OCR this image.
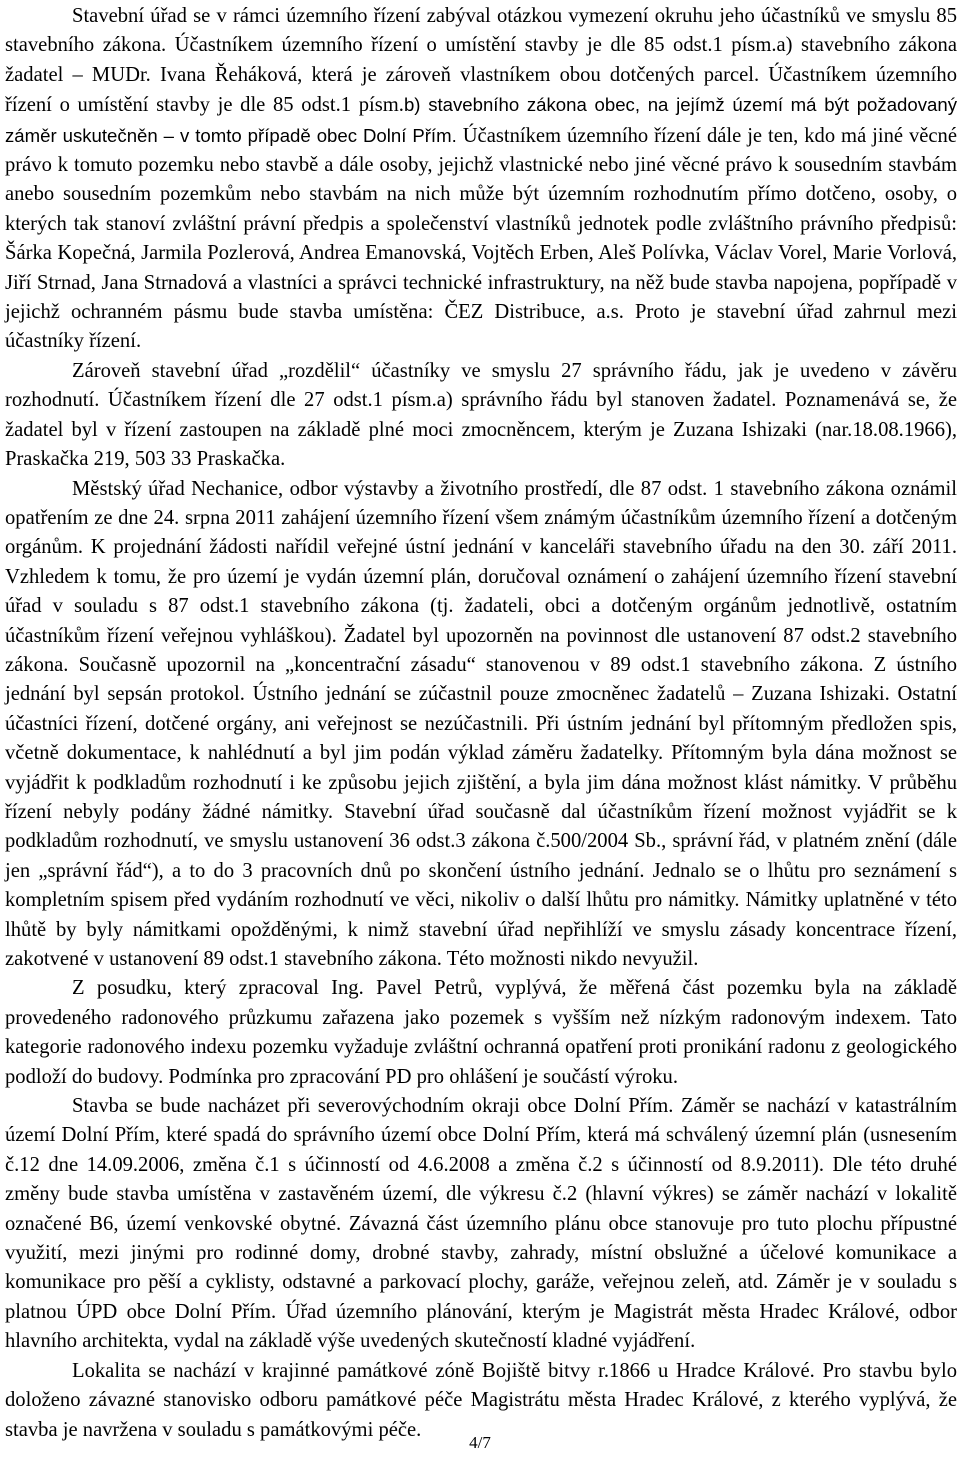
Stavební úřad se v rámci územního řízení zabýval otázkou vymezení okruhu jeho účastníků ve smyslu 85 stavebního zákona. Účastníkem územního řízení o umístění stavby je dle 85 odst.1 písm.a) stavebního zákona žadatel – MUDr. Ivana Řeháková, která je zároveň vlastníkem obou dotčených parcel. Účastníkem územního řízení o umístění stavby je dle 85 odst.1 písm.b) stavebního zákona obec, na jejímž území má být požadovaný záměr uskutečněn – v tomto případě obec Dolní Přím. Účastníkem územního řízení dále je ten, kdo má jiné věcné právo k tomuto pozemku nebo stavbě a dále osoby, jejichž vlastnické nebo jiné věcné právo k sousedním stavbám anebo sousedním pozemkům nebo stavbám na nich může být územním rozhodnutím přímo dotčeno, osoby, o kterých tak stanoví zvláštní právní předpis a společenství vlastníků jednotek podle zvláštního právního předpisů: Šárka Kopečná, Jarmila Pozlerová, Andrea Emanovská, Vojtěch Erben, Aleš Polívka, Václav Vorel, Marie Vorlová, Jiří Strnad, Jana Strnadová a vlastníci a správci technické infrastruktury, na něž bude stavba napojena, popřípadě v jejichž ochranném pásmu bude stavba umístěna: ČEZ Distribuce, a.s. Proto je stavební úřad zahrnul mezi účastníky řízení.

Zároveň stavební úřad „rozdělil“ účastníky ve smyslu 27 správního řádu, jak je uvedeno v závěru rozhodnutí. Účastníkem řízení dle 27 odst.1 písm.a) správního řádu byl stanoven žadatel. Poznamenává se, že žadatel byl v řízení zastoupen na základě plné moci zmocněncem, kterým je Zuzana Ishizaki (nar.18.08.1966), Praskačka 219, 503 33 Praskačka.

Městský úřad Nechanice, odbor výstavby a životního prostředí, dle 87 odst. 1 stavebního zákona oznámil opatřením ze dne 24. srpna 2011 zahájení územního řízení všem známým účastníkům územního řízení a dotčeným orgánům. K projednání žádosti nařídil veřejné ústní jednání v kanceláři stavebního úřadu na den 30. září 2011. Vzhledem k tomu, že pro území je vydán územní plán, doručoval oznámení o zahájení územního řízení stavební úřad v souladu s 87 odst.1 stavebního zákona (tj. žadateli, obci a dotčeným orgánům jednotlivě, ostatním účastníkům řízení veřejnou vyhláškou). Žadatel byl upozorněn na povinnost dle ustanovení 87 odst.2 stavebního zákona. Současně upozornil na „koncentrační zásadu“ stanovenou v 89 odst.1 stavebního zákona. Z ústního jednání byl sepsán protokol. Ústního jednání se zúčastnil pouze zmocněnec žadatelů – Zuzana Ishizaki. Ostatní účastníci řízení, dotčené orgány, ani veřejnost se nezúčastnili. Při ústním jednání byl přítomným předložen spis, včetně dokumentace, k nahlédnutí a byl jim podán výklad záměru žadatelky. Přítomným byla dána možnost se vyjádřit k podkladům rozhodnutí i ke způsobu jejich zjištění, a byla jim dána možnost klást námitky. V průběhu řízení nebyly podány žádné námitky. Stavební úřad současně dal účastníkům řízení možnost vyjádřit se k podkladům rozhodnutí, ve smyslu ustanovení 36 odst.3 zákona č.500/2004 Sb., správní řád, v platném znění (dále jen „správní řád“), a to do 3 pracovních dnů po skončení ústního jednání. Jednalo se o lhůtu pro seznámení s kompletním spisem před vydáním rozhodnutí ve věci, nikoliv o další lhůtu pro námitky. Námitky uplatněné v této lhůtě by byly námitkami opožděnými, k nimž stavební úřad nepřihlíží ve smyslu zásady koncentrace řízení, zakotvené v ustanovení 89 odst.1 stavebního zákona. Této možnosti nikdo nevyužil.

Z posudku, který zpracoval Ing. Pavel Petrů, vyplývá, že měřená část pozemku byla na základě provedeného radonového průzkumu zařazena jako pozemek s vyšším než nízkým radonovým indexem. Tato kategorie radonového indexu pozemku vyžaduje zvláštní ochranná opatření proti pronikání radonu z geologického podloží do budovy. Podmínka pro zpracování PD pro ohlášení je součástí výroku.

Stavba se bude nacházet při severovýchodním okraji obce Dolní Přím. Záměr se nachází v katastrálním území Dolní Přím, které spadá do správního území obce Dolní Přím, která má schválený územní plán (usnesením č.12 dne 14.09.2006, změna č.1 s účinností od 4.6.2008 a změna č.2 s účinností od 8.9.2011). Dle této druhé změny bude stavba umístěna v zastavěném území, dle výkresu č.2 (hlavní výkres) se záměr nachází v lokalitě označené B6, území venkovské obytné. Závazná část územního plánu obce stanovuje pro tuto plochu přípustné využití, mezi jinými pro rodinné domy, drobné stavby, zahrady, místní obslužné a účelové komunikace a komunikace pro pěší a cyklisty, odstavné a parkovací plochy, garáže, veřejnou zeleň, atd. Záměr je v souladu s platnou ÚPD obce Dolní Přím. Úřad územního plánování, kterým je Magistrát města Hradec Králové, odbor hlavního architekta, vydal na základě výše uvedených skutečností kladné vyjádření.

Lokalita se nachází v krajinné památkové zóně Bojiště bitvy r.1866 u Hradce Králové. Pro stavbu bylo doloženo závazné stanovisko odboru památkové péče Magistrátu města Hradec Králové, z kterého vyplývá, že stavba je navržena v souladu s památkovými péče.

4/7
